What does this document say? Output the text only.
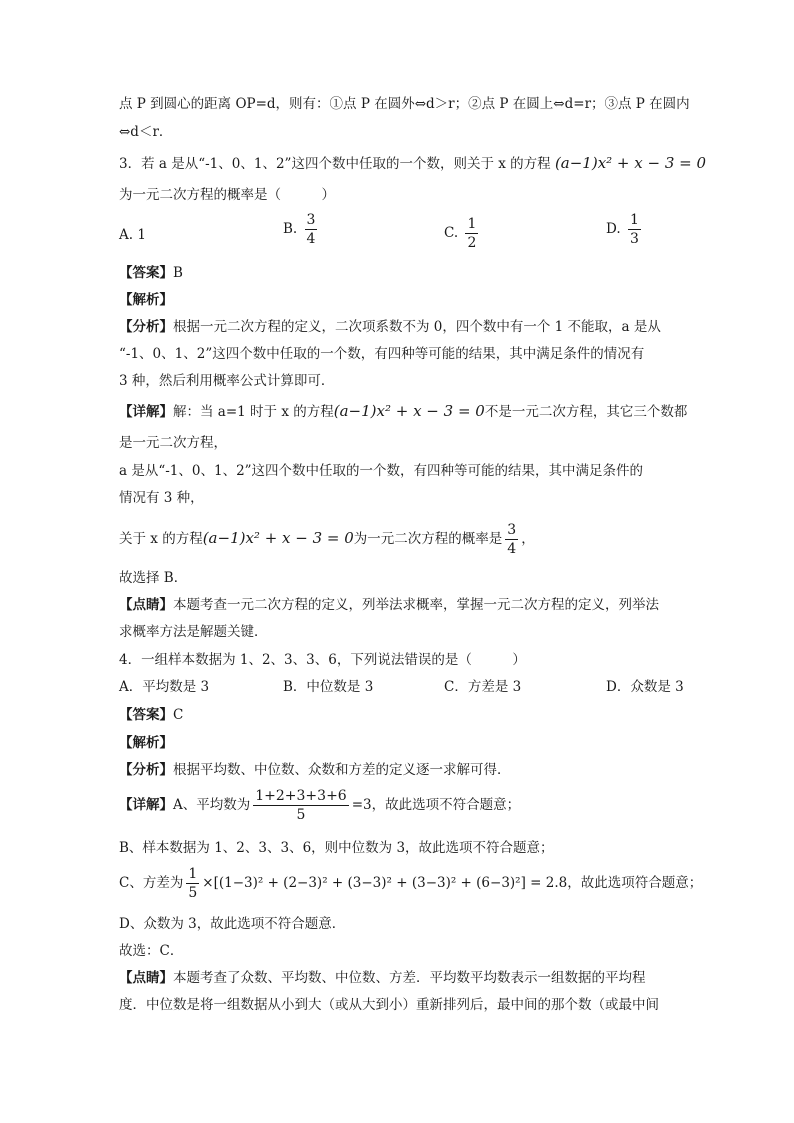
点 P 到圆心的距离 OP=d，则有：①点 P 在圆外⇔d＞r；②点 P 在圆上⇔d=r；③点 P 在圆内
⇔d＜r．
3．若 a 是从“-1、0、1、2”这四个数中任取的一个数，则关于 x 的方程 (a−1)x² + x − 3 = 0
为一元二次方程的概率是（　　　）
A. 1	B. $\frac{3}{4}$	C. $\frac{1}{2}$	D. $\frac{1}{3}$
【答案】B
【解析】
【分析】根据一元二次方程的定义，二次项系数不为 0，四个数中有一个 1 不能取，a 是从
“-1、0、1、2”这四个数中任取的一个数，有四种等可能的结果，其中满足条件的情况有
3 种，然后利用概率公式计算即可．
【详解】解：当 a=1 时于 x 的方程(a−1)x² + x − 3 = 0不是一元二次方程，其它三个数都
是一元二次方程，
a 是从“-1、0、1、2”这四个数中任取的一个数，有四种等可能的结果，其中满足条件的
情况有 3 种，
关于 x 的方程(a−1)x² + x − 3 = 0为一元二次方程的概率是 $\frac{3}{4}$ ，
故选择 B．
【点睛】本题考查一元二次方程的定义，列举法求概率，掌握一元二次方程的定义，列举法
求概率方法是解题关键．
4．一组样本数据为 1、2、3、3、6，下列说法错误的是（　　　）
A．平均数是 3	B．中位数是 3	C．方差是 3	D．众数是 3
【答案】C
【解析】
【分析】根据平均数、中位数、众数和方差的定义逐一求解可得．
【详解】A、平均数为 $\frac{1+2+3+3+6}{5} =3$，故此选项不符合题意；
B、样本数据为 1、2、3、3、6，则中位数为 3，故此选项不符合题意；
C、方差为 $\frac{1}{5} \times[(1-3)^2 + (2-3)^2 + (3-3)^2 + (3-3)^2 + (6-3)^2] = 2.8$，故此选项符合题意；
D、众数为 3，故此选项不符合题意．
故选：C．
【点睛】本题考查了众数、平均数、中位数、方差．平均数平均数表示一组数据的平均程
度．中位数是将一组数据从小到大（或从大到小）重新排列后，最中间的那个数（或最中间
